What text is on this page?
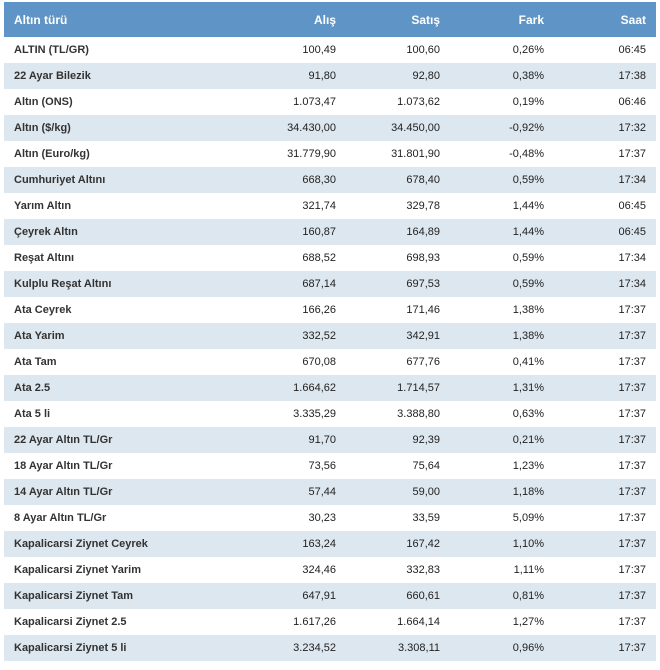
Altın türü	Alış	Satış	Fark	Saat
ALTIN (TL/GR)	100,49	100,60	0,26%	06:45
22 Ayar Bilezik	91,80	92,80	0,38%	17:38
Altın (ONS)	1.073,47	1.073,62	0,19%	06:46
Altın ($/kg)	34.430,00	34.450,00	-0,92%	17:32
Altın (Euro/kg)	31.779,90	31.801,90	-0,48%	17:37
Cumhuriyet Altını	668,30	678,40	0,59%	17:34
Yarım Altın	321,74	329,78	1,44%	06:45
Çeyrek Altın	160,87	164,89	1,44%	06:45
Reşat Altını	688,52	698,93	0,59%	17:34
Kulplu Reşat Altını	687,14	697,53	0,59%	17:34
Ata Ceyrek	166,26	171,46	1,38%	17:37
Ata Yarim	332,52	342,91	1,38%	17:37
Ata Tam	670,08	677,76	0,41%	17:37
Ata 2.5	1.664,62	1.714,57	1,31%	17:37
Ata 5 li	3.335,29	3.388,80	0,63%	17:37
22 Ayar Altın TL/Gr	91,70	92,39	0,21%	17:37
18 Ayar Altın TL/Gr	73,56	75,64	1,23%	17:37
14 Ayar Altın TL/Gr	57,44	59,00	1,18%	17:37
8 Ayar Altın TL/Gr	30,23	33,59	5,09%	17:37
Kapalicarsi Ziynet Ceyrek	163,24	167,42	1,10%	17:37
Kapalicarsi Ziynet Yarim	324,46	332,83	1,11%	17:37
Kapalicarsi Ziynet Tam	647,91	660,61	0,81%	17:37
Kapalicarsi Ziynet 2.5	1.617,26	1.664,14	1,27%	17:37
Kapalicarsi Ziynet 5 li	3.234,52	3.308,11	0,96%	17:37
